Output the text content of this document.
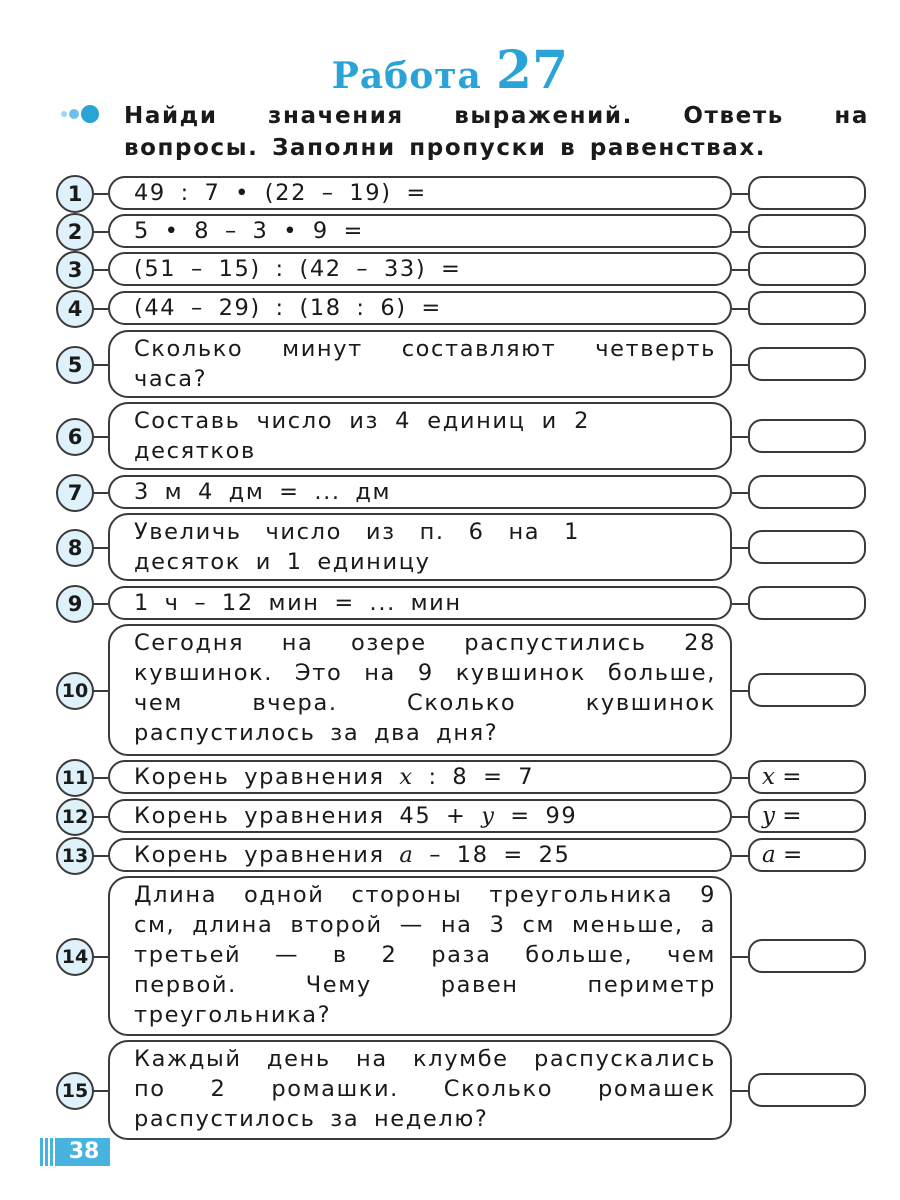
Работа 27
Найди значения выражений. Ответь на вопросы. Заполни пропуски в равенствах.
1	49 : 7 • (22 – 19) =
2	5 • 8 – 3 • 9 =
3	(51 – 15) : (42 – 33) =
4	(44 – 29) : (18 : 6) =
5
Сколько минут составляют четверть часа?
6
Составь число из 4 единиц и 2 десятков
7	3 м 4 дм = ... дм
8
Увеличь число из п. 6 на 1 десяток и 1 единицу
9	1 ч – 12 мин = ... мин
10
Сегодня на озере распустились 28 кувшинок. Это на 9 кувшинок больше, чем вчера. Сколько кувшинок распустилось за два дня?
11	Корень уравнения x : 8 = 7	x =
12	Корень уравнения 45 + y = 99	y =
13	Корень уравнения a – 18 = 25	a =
14
Длина одной стороны треугольника 9 см, длина второй — на 3 см меньше, а третьей — в 2 раза больше, чем первой. Чему равен периметр треугольника?
15
Каждый день на клумбе распускались по 2 ромашки. Сколько ромашек распустилось за неделю?
38
